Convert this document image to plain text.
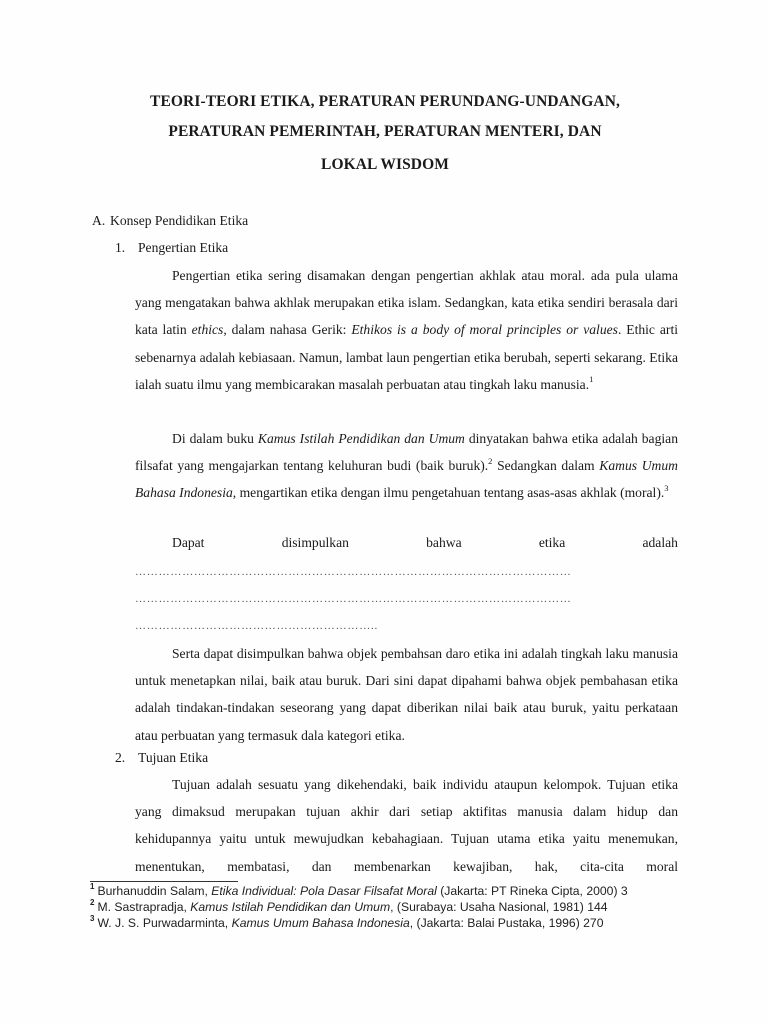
TEORI-TEORI ETIKA, PERATURAN PERUNDANG-UNDANGAN,
PERATURAN PEMERINTAH, PERATURAN MENTERI, DAN
LOKAL WISDOM
A. Konsep Pendidikan Etika
1. Pengertian Etika

Pengertian etika sering disamakan dengan pengertian akhlak atau moral. ada pula ulama yang mengatakan bahwa akhlak merupakan etika islam. Sedangkan, kata etika sendiri berasala dari kata latin ethics, dalam nahasa Gerik: Ethikos is a body of moral principles or values. Ethic arti sebenarnya adalah kebiasaan. Namun, lambat laun pengertian etika berubah, seperti sekarang. Etika ialah suatu ilmu yang membicarakan masalah perbuatan atau tingkah laku manusia.$^1$

Di dalam buku Kamus Istilah Pendidikan dan Umum dinyatakan bahwa etika adalah bagian filsafat yang mengajarkan tentang keluhuran budi (baik buruk).$^2$ Sedangkan dalam Kamus Umum Bahasa Indonesia, mengartikan etika dengan ilmu pengetahuan tentang asas-asas akhlak (moral).$^3$

Dapat	disimpulkan	bahwa	etika	adalah
…………………………………………………………………………………………………
…………………………………………………………………………………………………
……………………………………………………..

Serta dapat disimpulkan bahwa objek pembahsan daro etika ini adalah tingkah laku manusia untuk menetapkan nilai, baik atau buruk. Dari sini dapat dipahami bahwa objek pembahasan etika adalah tindakan-tindakan seseorang yang dapat diberikan nilai baik atau buruk, yaitu perkataan atau perbuatan yang termasuk dala kategori etika.

2. Tujuan Etika

Tujuan adalah sesuatu yang dikehendaki, baik individu ataupun kelompok. Tujuan etika yang dimaksud merupakan tujuan akhir dari setiap aktifitas manusia dalam hidup dan kehidupannya yaitu untuk mewujudkan kebahagiaan. Tujuan utama etika yaitu menemukan, menentukan, membatasi, dan membenarkan kewajiban, hak, cita-cita moral

$^1$ Burhanuddin Salam, Etika Individual: Pola Dasar Filsafat Moral (Jakarta: PT Rineka Cipta, 2000) 3
$^2$ M. Sastrapradja, Kamus Istilah Pendidikan dan Umum, (Surabaya: Usaha Nasional, 1981) 144
$^3$ W. J. S. Purwadarminta, Kamus Umum Bahasa Indonesia, (Jakarta: Balai Pustaka, 1996) 270
